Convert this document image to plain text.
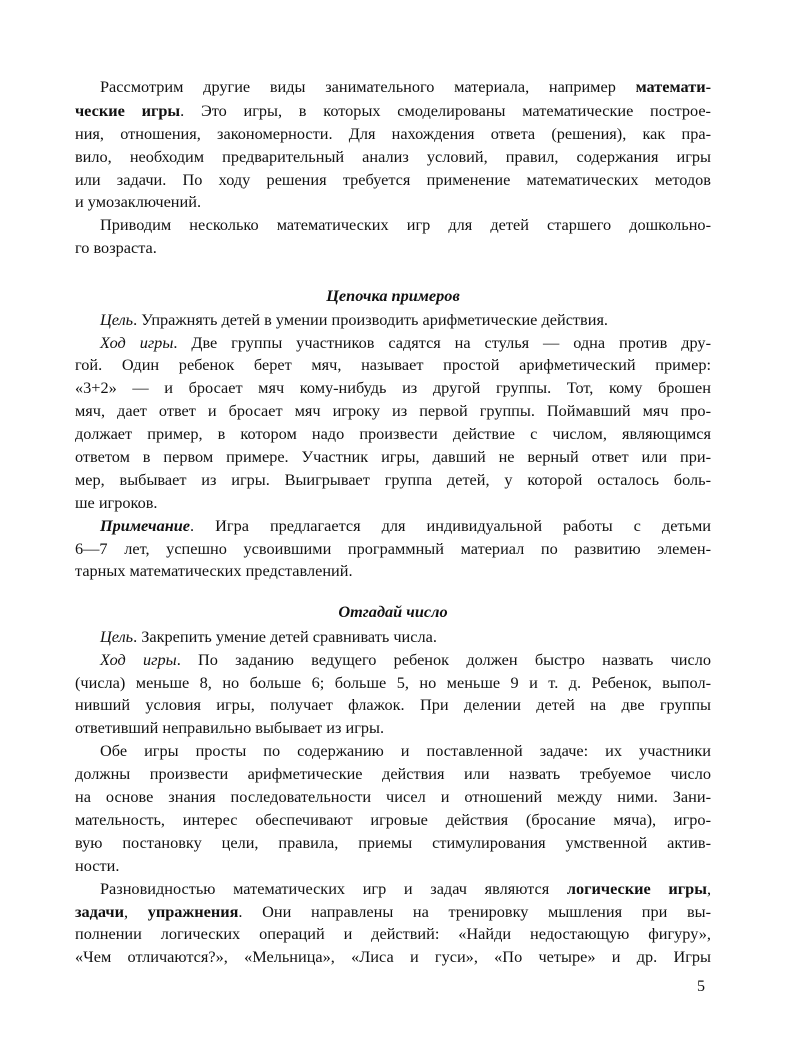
Рассмотрим другие виды занимательного материала, например математи-
ческие игры. Это игры, в которых смоделированы математические построе-
ния, отношения, закономерности. Для нахождения ответа (решения), как пра-
вило, необходим предварительный анализ условий, правил, содержания игры
или задачи. По ходу решения требуется применение математических методов
и умозаключений.
Приводим несколько математических игр для детей старшего дошкольно-
го возраста.
Цепочка примеров
Цель. Упражнять детей в умении производить арифметические действия.
Ход игры. Две группы участников садятся на стулья — одна против дру-
гой. Один ребенок берет мяч, называет простой арифметический пример:
«3+2» — и бросает мяч кому-нибудь из другой группы. Тот, кому брошен
мяч, дает ответ и бросает мяч игроку из первой группы. Поймавший мяч про-
должает пример, в котором надо произвести действие с числом, являющимся
ответом в первом примере. Участник игры, давший не верный ответ или при-
мер, выбывает из игры. Выигрывает группа детей, у которой осталось боль-
ше игроков.
Примечание. Игра предлагается для индивидуальной работы с детьми
6—7 лет, успешно усвоившими программный материал по развитию элемен-
тарных математических представлений.
Отгадай число
Цель. Закрепить умение детей сравнивать числа.
Ход игры. По заданию ведущего ребенок должен быстро назвать число
(числа) меньше 8, но больше 6; больше 5, но меньше 9 и т. д. Ребенок, выпол-
нивший условия игры, получает флажок. При делении детей на две группы
ответивший неправильно выбывает из игры.
Обе игры просты по содержанию и поставленной задаче: их участники
должны произвести арифметические действия или назвать требуемое число
на основе знания последовательности чисел и отношений между ними. Зани-
мательность, интерес обеспечивают игровые действия (бросание мяча), игро-
вую постановку цели, правила, приемы стимулирования умственной актив-
ности.
Разновидностью математических игр и задач являются логические игры,
задачи, упражнения. Они направлены на тренировку мышления при вы-
полнении логических операций и действий: «Найди недостающую фигуру»,
«Чем отличаются?», «Мельница», «Лиса и гуси», «По четыре» и др. Игры
5
